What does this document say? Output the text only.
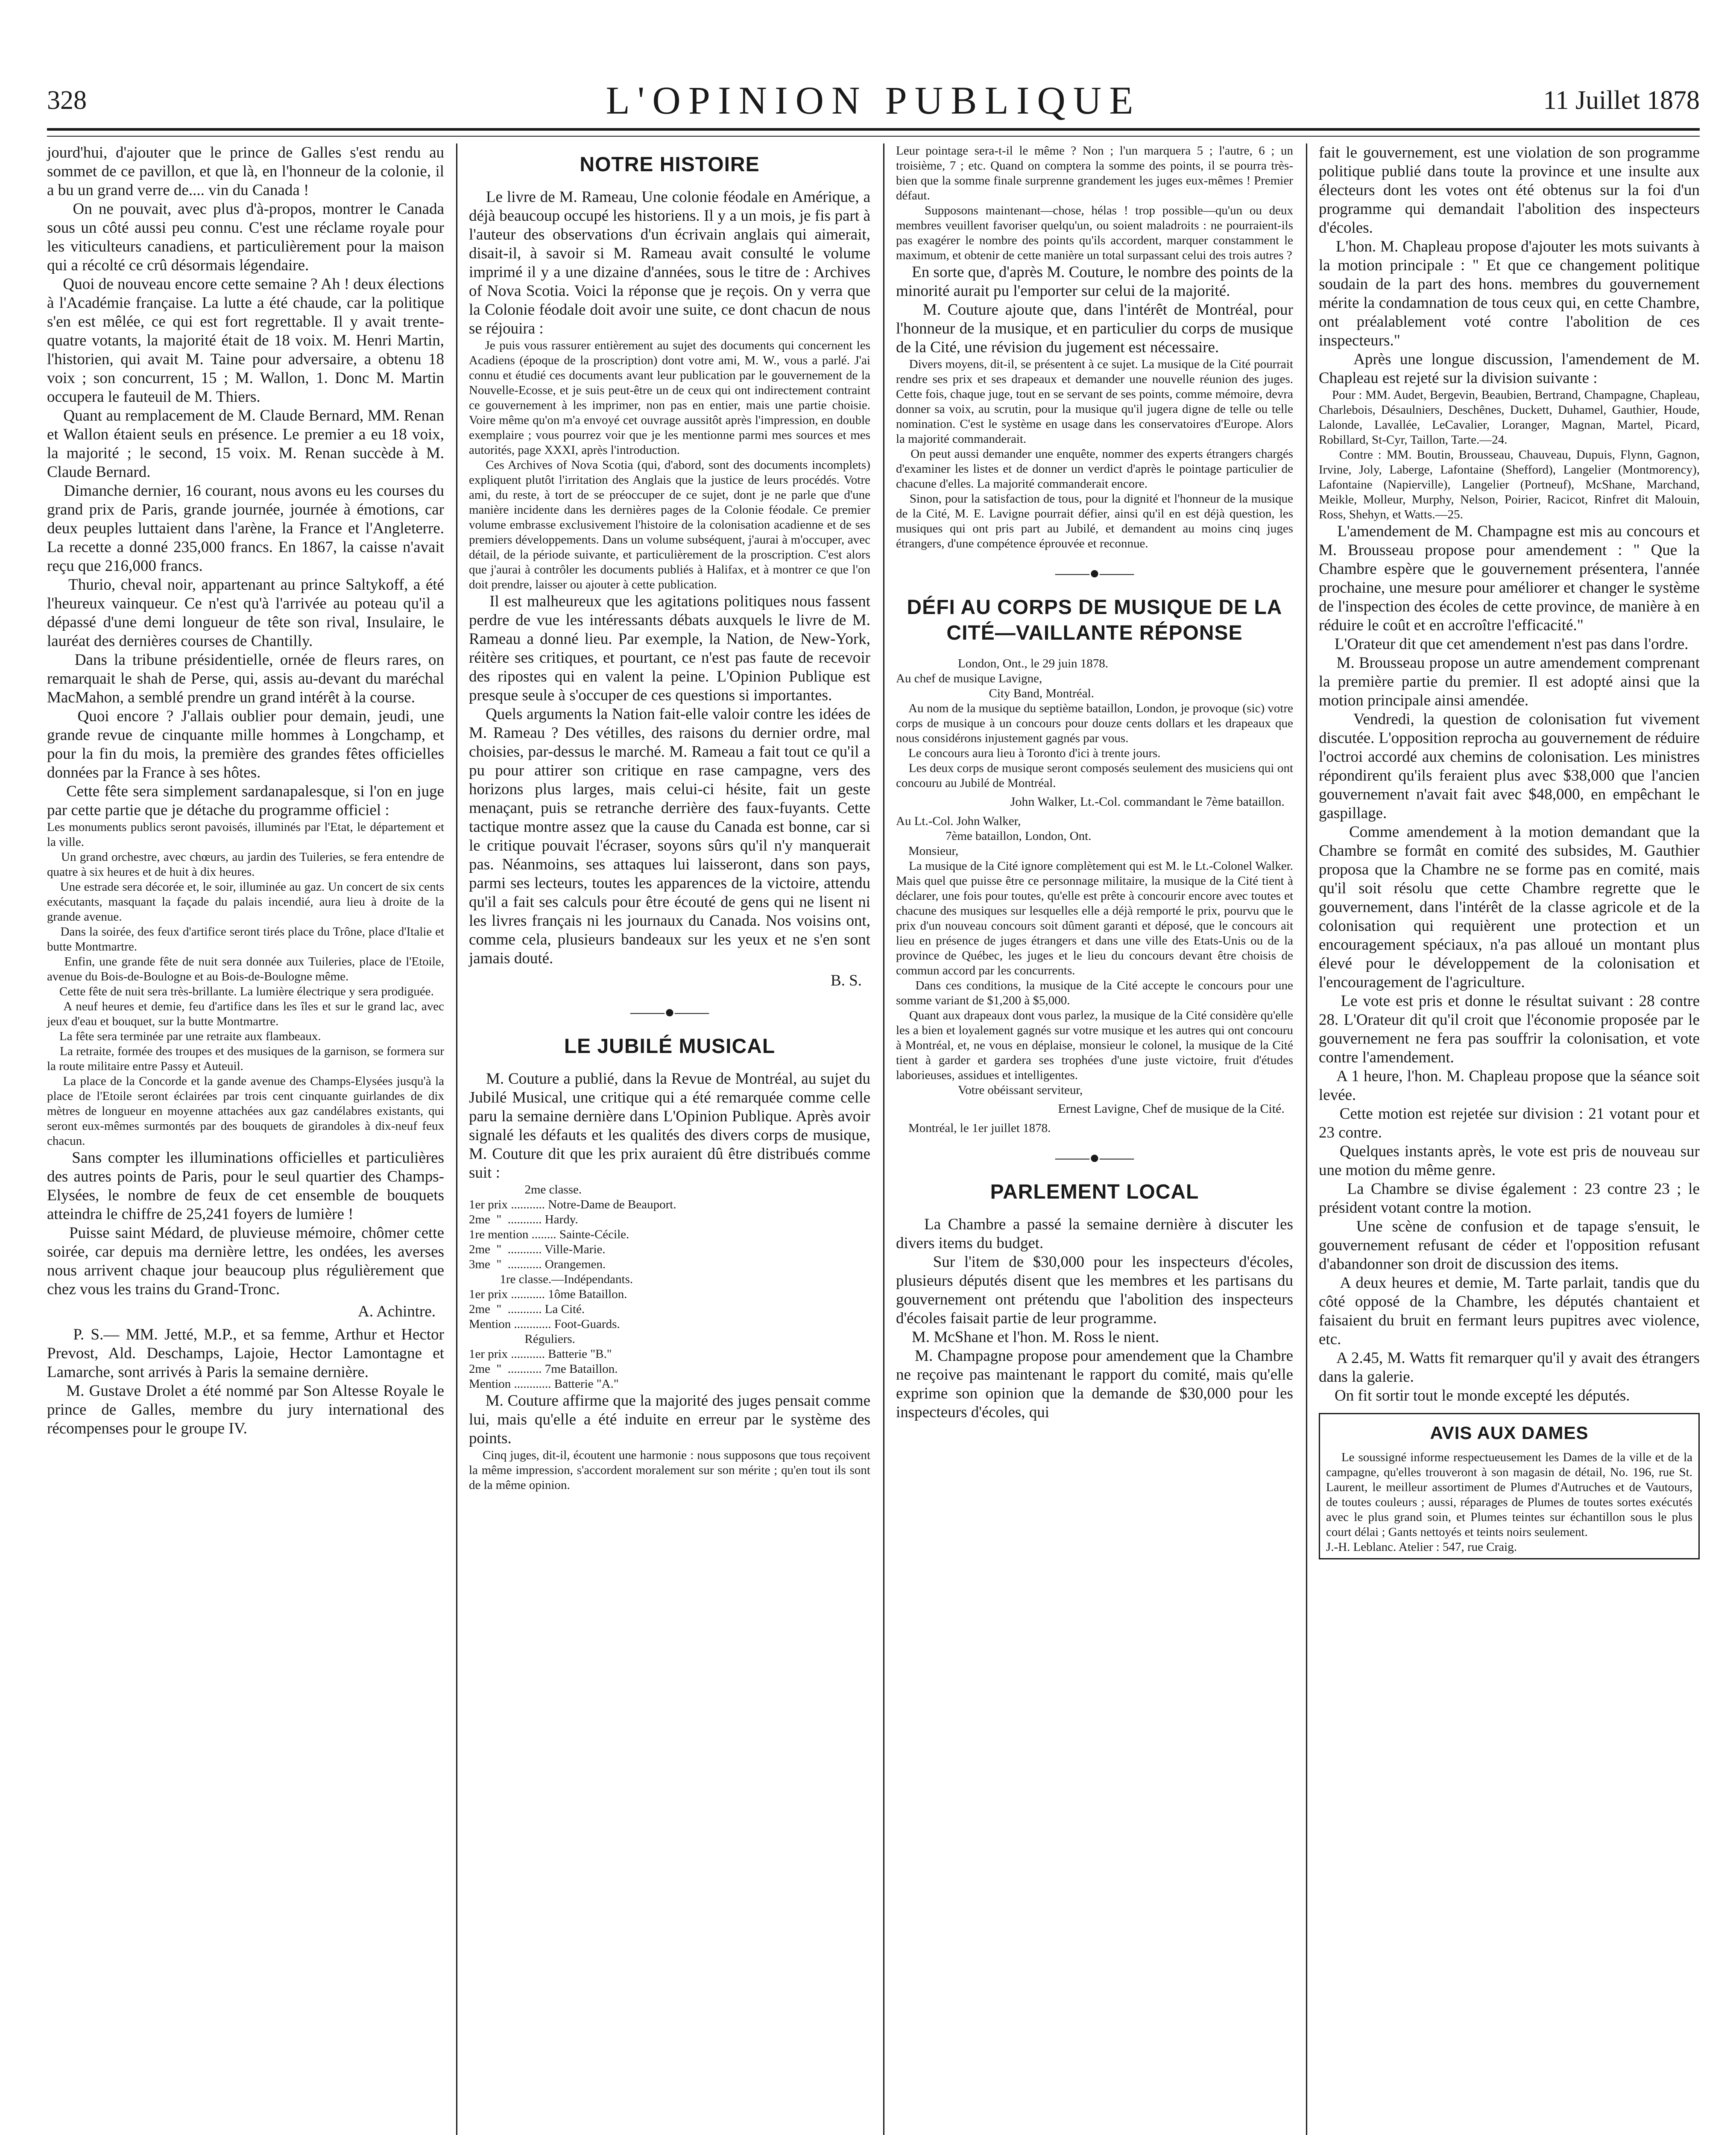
328	L'OPINION PUBLIQUE	11 Juillet 1878
jourd'hui, d'ajouter que le prince de Galles s'est rendu au sommet de ce pavillon, et que là, en l'honneur de la colonie, il a bu un grand verre de.... vin du Canada !
On ne pouvait, avec plus d'à-propos, montrer le Canada sous un côté aussi peu connu. C'est une réclame royale pour les viticulteurs canadiens, et particulièrement pour la maison qui a récolté ce crû désormais légendaire.
Quoi de nouveau encore cette semaine ? Ah ! deux élections à l'Académie française. La lutte a été chaude, car la politique s'en est mêlée, ce qui est fort regrettable. Il y avait trente-quatre votants, la majorité était de 18 voix. M. Henri Martin, l'historien, qui avait M. Taine pour adversaire, a obtenu 18 voix ; son concurrent, 15 ; M. Wallon, 1. Donc M. Martin occupera le fauteuil de M. Thiers.
Quant au remplacement de M. Claude Bernard, MM. Renan et Wallon étaient seuls en présence. Le premier a eu 18 voix, la majorité ; le second, 15 voix. M. Renan succède à M. Claude Bernard.
Dimanche dernier, 16 courant, nous avons eu les courses du grand prix de Paris, grande journée, journée à émotions, car deux peuples luttaient dans l'arène, la France et l'Angleterre. La recette a donné 235,000 francs. En 1867, la caisse n'avait reçu que 216,000 francs.
Thurio, cheval noir, appartenant au prince Saltykoff, a été l'heureux vainqueur. Ce n'est qu'à l'arrivée au poteau qu'il a dépassé d'une demi longueur de tête son rival, Insulaire, le lauréat des dernières courses de Chantilly.
Dans la tribune présidentielle, ornée de fleurs rares, on remarquait le shah de Perse, qui, assis au-devant du maréchal MacMahon, a semblé prendre un grand intérêt à la course.
Quoi encore ? J'allais oublier pour demain, jeudi, une grande revue de cinquante mille hommes à Longchamp, et pour la fin du mois, la première des grandes fêtes officielles données par la France à ses hôtes.
Cette fête sera simplement sardanapalesque, si l'on en juge par cette partie que je détache du programme officiel :
Les monuments publics seront pavoisés, illuminés par l'Etat, le département et la ville.
Un grand orchestre, avec chœurs, au jardin des Tuileries, se fera entendre de quatre à six heures et de huit à dix heures.
Une estrade sera décorée et, le soir, illuminée au gaz. Un concert de six cents exécutants, masquant la façade du palais incendié, aura lieu à droite de la grande avenue.
Dans la soirée, des feux d'artifice seront tirés place du Trône, place d'Italie et butte Montmartre.
Enfin, une grande fête de nuit sera donnée aux Tuileries, place de l'Etoile, avenue du Bois-de-Boulogne et au Bois-de-Boulogne même.
Cette fête de nuit sera très-brillante. La lumière électrique y sera prodiguée.
A neuf heures et demie, feu d'artifice dans les îles et sur le grand lac, avec jeux d'eau et bouquet, sur la butte Montmartre.
La fête sera terminée par une retraite aux flambeaux.
La retraite, formée des troupes et des musiques de la garnison, se formera sur la route militaire entre Passy et Auteuil.
La place de la Concorde et la gande avenue des Champs-Elysées jusqu'à la place de l'Etoile seront éclairées par trois cent cinquante guirlandes de dix mètres de longueur en moyenne attachées aux gaz candélabres existants, qui seront eux-mêmes surmontés par des bouquets de girandoles à dix-neuf feux chacun.
Sans compter les illuminations officielles et particulières des autres points de Paris, pour le seul quartier des Champs-Elysées, le nombre de feux de cet ensemble de bouquets atteindra le chiffre de 25,241 foyers de lumière !
Puisse saint Médard, de pluvieuse mémoire, chômer cette soirée, car depuis ma dernière lettre, les ondées, les averses nous arrivent chaque jour beaucoup plus régulièrement que chez vous les trains du Grand-Tronc.
A. Achintre.
P. S.— MM. Jetté, M.P., et sa femme, Arthur et Hector Prevost, Ald. Deschamps, Lajoie, Hector Lamontagne et Lamarche, sont arrivés à Paris la semaine dernière.
M. Gustave Drolet a été nommé par Son Altesse Royale le prince de Galles, membre du jury international des récompenses pour le groupe IV.
NOTRE HISTOIRE
Le livre de M. Rameau, Une colonie féodale en Amérique, a déjà beaucoup occupé les historiens. Il y a un mois, je fis part à l'auteur des observations d'un écrivain anglais qui aimerait, disait-il, à savoir si M. Rameau avait consulté le volume imprimé il y a une dizaine d'années, sous le titre de : Archives of Nova Scotia. Voici la réponse que je reçois. On y verra que la Colonie féodale doit avoir une suite, ce dont chacun de nous se réjouira :
Je puis vous rassurer entièrement au sujet des documents qui concernent les Acadiens (époque de la proscription) dont votre ami, M. W., vous a parlé. J'ai connu et étudié ces documents avant leur publication par le gouvernement de la Nouvelle-Ecosse, et je suis peut-être un de ceux qui ont indirectement contraint ce gouvernement à les imprimer, non pas en entier, mais une partie choisie. Voire même qu'on m'a envoyé cet ouvrage aussitôt après l'impression, en double exemplaire ; vous pourrez voir que je les mentionne parmi mes sources et mes autorités, page XXXI, après l'introduction.
Ces Archives of Nova Scotia (qui, d'abord, sont des documents incomplets) expliquent plutôt l'irritation des Anglais que la justice de leurs procédés. Votre ami, du reste, à tort de se préoccuper de ce sujet, dont je ne parle que d'une manière incidente dans les dernières pages de la Colonie féodale. Ce premier volume embrasse exclusivement l'histoire de la colonisation acadienne et de ses premiers développements. Dans un volume subséquent, j'aurai à m'occuper, avec détail, de la période suivante, et particulièrement de la proscription. C'est alors que j'aurai à contrôler les documents publiés à Halifax, et à montrer ce que l'on doit prendre, laisser ou ajouter à cette publication.
Il est malheureux que les agitations politiques nous fassent perdre de vue les intéressants débats auxquels le livre de M. Rameau a donné lieu. Par exemple, la Nation, de New-York, réitère ses critiques, et pourtant, ce n'est pas faute de recevoir des ripostes qui en valent la peine. L'Opinion Publique est presque seule à s'occuper de ces questions si importantes.
Quels arguments la Nation fait-elle valoir contre les idées de M. Rameau ? Des vétilles, des raisons du dernier ordre, mal choisies, par-dessus le marché. M. Rameau a fait tout ce qu'il a pu pour attirer son critique en rase campagne, vers des horizons plus larges, mais celui-ci hésite, fait un geste menaçant, puis se retranche derrière des faux-fuyants. Cette tactique montre assez que la cause du Canada est bonne, car si le critique pouvait l'écraser, soyons sûrs qu'il n'y manquerait pas. Néanmoins, ses attaques lui laisseront, dans son pays, parmi ses lecteurs, toutes les apparences de la victoire, attendu qu'il a fait ses calculs pour être écouté de gens qui ne lisent ni les livres français ni les journaux du Canada. Nos voisins ont, comme cela, plusieurs bandeaux sur les yeux et ne s'en sont jamais douté.
B. S.
——●——
LE JUBILÉ MUSICAL
M. Couture a publié, dans la Revue de Montréal, au sujet du Jubilé Musical, une critique qui a été remarquée comme celle paru la semaine dernière dans L'Opinion Publique. Après avoir signalé les défauts et les qualités des divers corps de musique, M. Couture dit que les prix auraient dû être distribués comme suit :
2me classe.
1er prix ........... Notre-Dame de Beauport.
2me  "  ........... Hardy.
1re mention ........ Sainte-Cécile.
2me  "  ........... Ville-Marie.
3me  "  ........... Orangemen.
1re classe.—Indépendants.
1er prix ........... 1ôme Bataillon.
2me  "  ........... La Cité.
Mention ............ Foot-Guards.
Réguliers.
1er prix ........... Batterie "B."
2me  "  ........... 7me Bataillon.
Mention ............ Batterie "A."
M. Couture affirme que la majorité des juges pensait comme lui, mais qu'elle a été induite en erreur par le système des points.
Cinq juges, dit-il, écoutent une harmonie : nous supposons que tous reçoivent la même impression, s'accordent moralement sur son mérite ; qu'en tout ils sont de la même opinion.
Leur pointage sera-t-il le même ? Non ; l'un marquera 5 ; l'autre, 6 ; un troisième, 7 ; etc. Quand on comptera la somme des points, il se pourra très-bien que la somme finale surprenne grandement les juges eux-mêmes ! Premier défaut.
Supposons maintenant—chose, hélas ! trop possible—qu'un ou deux membres veuillent favoriser quelqu'un, ou soient maladroits : ne pourraient-ils pas exagérer le nombre des points qu'ils accordent, marquer constamment le maximum, et obtenir de cette manière un total surpassant celui des trois autres ?
En sorte que, d'après M. Couture, le nombre des points de la minorité aurait pu l'emporter sur celui de la majorité.
M. Couture ajoute que, dans l'intérêt de Montréal, pour l'honneur de la musique, et en particulier du corps de musique de la Cité, une révision du jugement est nécessaire.
Divers moyens, dit-il, se présentent à ce sujet. La musique de la Cité pourrait rendre ses prix et ses drapeaux et demander une nouvelle réunion des juges. Cette fois, chaque juge, tout en se servant de ses points, comme mémoire, devra donner sa voix, au scrutin, pour la musique qu'il jugera digne de telle ou telle nomination. C'est le système en usage dans les conservatoires d'Europe. Alors la majorité commanderait.
On peut aussi demander une enquête, nommer des experts étrangers chargés d'examiner les listes et de donner un verdict d'après le pointage particulier de chacune d'elles. La majorité commanderait encore.
Sinon, pour la satisfaction de tous, pour la dignité et l'honneur de la musique de la Cité, M. E. Lavigne pourrait défier, ainsi qu'il en est déjà question, les musiques qui ont pris part au Jubilé, et demandent au moins cinq juges étrangers, d'une compétence éprouvée et reconnue.
——●——
DÉFI AU CORPS DE MUSIQUE DE LA CITÉ—VAILLANTE RÉPONSE
London, Ont., le 29 juin 1878.
Au chef de musique Lavigne,
City Band, Montréal.
Au nom de la musique du septième bataillon, London, je provoque (sic) votre corps de musique à un concours pour douze cents dollars et les drapeaux que nous considérons injustement gagnés par vous.
Le concours aura lieu à Toronto d'ici à trente jours.
Les deux corps de musique seront composés seulement des musiciens qui ont concouru au Jubilé de Montréal.
John Walker, Lt.-Col. commandant le 7ème bataillon.
Au Lt.-Col. John Walker,
7ème bataillon, London, Ont.
Monsieur,
La musique de la Cité ignore complètement qui est M. le Lt.-Colonel Walker. Mais quel que puisse être ce personnage militaire, la musique de la Cité tient à déclarer, une fois pour toutes, qu'elle est prête à concourir encore avec toutes et chacune des musiques sur lesquelles elle a déjà remporté le prix, pourvu que le prix d'un nouveau concours soit dûment garanti et déposé, que le concours ait lieu en présence de juges étrangers et dans une ville des Etats-Unis ou de la province de Québec, les juges et le lieu du concours devant être choisis de commun accord par les concurrents.
Dans ces conditions, la musique de la Cité accepte le concours pour une somme variant de $1,200 à $5,000.
Quant aux drapeaux dont vous parlez, la musique de la Cité considère qu'elle les a bien et loyalement gagnés sur votre musique et les autres qui ont concouru à Montréal, et, ne vous en déplaise, monsieur le colonel, la musique de la Cité tient à garder et gardera ses trophées d'une juste victoire, fruit d'études laborieuses, assidues et intelligentes.
Votre obéissant serviteur,
Ernest Lavigne, Chef de musique de la Cité.
Montréal, le 1er juillet 1878.
——●——
PARLEMENT LOCAL
La Chambre a passé la semaine dernière à discuter les divers items du budget.
Sur l'item de $30,000 pour les inspecteurs d'écoles, plusieurs députés disent que les membres et les partisans du gouvernement ont prétendu que l'abolition des inspecteurs d'écoles faisait partie de leur programme.
M. McShane et l'hon. M. Ross le nient.
M. Champagne propose pour amendement que la Chambre ne reçoive pas maintenant le rapport du comité, mais qu'elle exprime son opinion que la demande de $30,000 pour les inspecteurs d'écoles, qui
fait le gouvernement, est une violation de son programme politique publié dans toute la province et une insulte aux électeurs dont les votes ont été obtenus sur la foi d'un programme qui demandait l'abolition des inspecteurs d'écoles.
L'hon. M. Chapleau propose d'ajouter les mots suivants à la motion principale : " Et que ce changement politique soudain de la part des hons. membres du gouvernement mérite la condamnation de tous ceux qui, en cette Chambre, ont préalablement voté contre l'abolition de ces inspecteurs."
Après une longue discussion, l'amendement de M. Chapleau est rejeté sur la division suivante :
Pour : MM. Audet, Bergevin, Beaubien, Bertrand, Champagne, Chapleau, Charlebois, Désaulniers, Deschênes, Duckett, Duhamel, Gauthier, Houde, Lalonde, Lavallée, LeCavalier, Loranger, Magnan, Martel, Picard, Robillard, St-Cyr, Taillon, Tarte.—24.
Contre : MM. Boutin, Brousseau, Chauveau, Dupuis, Flynn, Gagnon, Irvine, Joly, Laberge, Lafontaine (Shefford), Langelier (Montmorency), Lafontaine (Napierville), Langelier (Portneuf), McShane, Marchand, Meikle, Molleur, Murphy, Nelson, Poirier, Racicot, Rinfret dit Malouin, Ross, Shehyn, et Watts.—25.
L'amendement de M. Champagne est mis au concours et M. Brousseau propose pour amendement : " Que la Chambre espère que le gouvernement présentera, l'année prochaine, une mesure pour améliorer et changer le système de l'inspection des écoles de cette province, de manière à en réduire le coût et en accroître l'efficacité."
L'Orateur dit que cet amendement n'est pas dans l'ordre.
M. Brousseau propose un autre amendement comprenant la première partie du premier. Il est adopté ainsi que la motion principale ainsi amendée.
Vendredi, la question de colonisation fut vivement discutée. L'opposition reprocha au gouvernement de réduire l'octroi accordé aux chemins de colonisation. Les ministres répondirent qu'ils feraient plus avec $38,000 que l'ancien gouvernement n'avait fait avec $48,000, en empêchant le gaspillage.
Comme amendement à la motion demandant que la Chambre se formât en comité des subsides, M. Gauthier proposa que la Chambre ne se forme pas en comité, mais qu'il soit résolu que cette Chambre regrette que le gouvernement, dans l'intérêt de la classe agricole et de la colonisation qui requièrent une protection et un encouragement spéciaux, n'a pas alloué un montant plus élevé pour le développement de la colonisation et l'encouragement de l'agriculture.
Le vote est pris et donne le résultat suivant : 28 contre 28. L'Orateur dit qu'il croit que l'économie proposée par le gouvernement ne fera pas souffrir la colonisation, et vote contre l'amendement.
A 1 heure, l'hon. M. Chapleau propose que la séance soit levée.
Cette motion est rejetée sur division : 21 votant pour et 23 contre.
Quelques instants après, le vote est pris de nouveau sur une motion du même genre.
La Chambre se divise également : 23 contre 23 ; le président votant contre la motion.
Une scène de confusion et de tapage s'ensuit, le gouvernement refusant de céder et l'opposition refusant d'abandonner son droit de discussion des items.
A deux heures et demie, M. Tarte parlait, tandis que du côté opposé de la Chambre, les députés chantaient et faisaient du bruit en fermant leurs pupitres avec violence, etc.
A 2.45, M. Watts fit remarquer qu'il y avait des étrangers dans la galerie.
On fit sortir tout le monde excepté les députés.
AVIS AUX DAMES
Le soussigné informe respectueusement les Dames de la ville et de la campagne, qu'elles trouveront à son magasin de détail, No. 196, rue St. Laurent, le meilleur assortiment de Plumes d'Autruches et de Vautours, de toutes couleurs ; aussi, réparages de Plumes de toutes sortes exécutés avec le plus grand soin, et Plumes teintes sur échantillon sous le plus court délai ; Gants nettoyés et teints noirs seulement.
J.-H. Leblanc. Atelier : 547, rue Craig.
